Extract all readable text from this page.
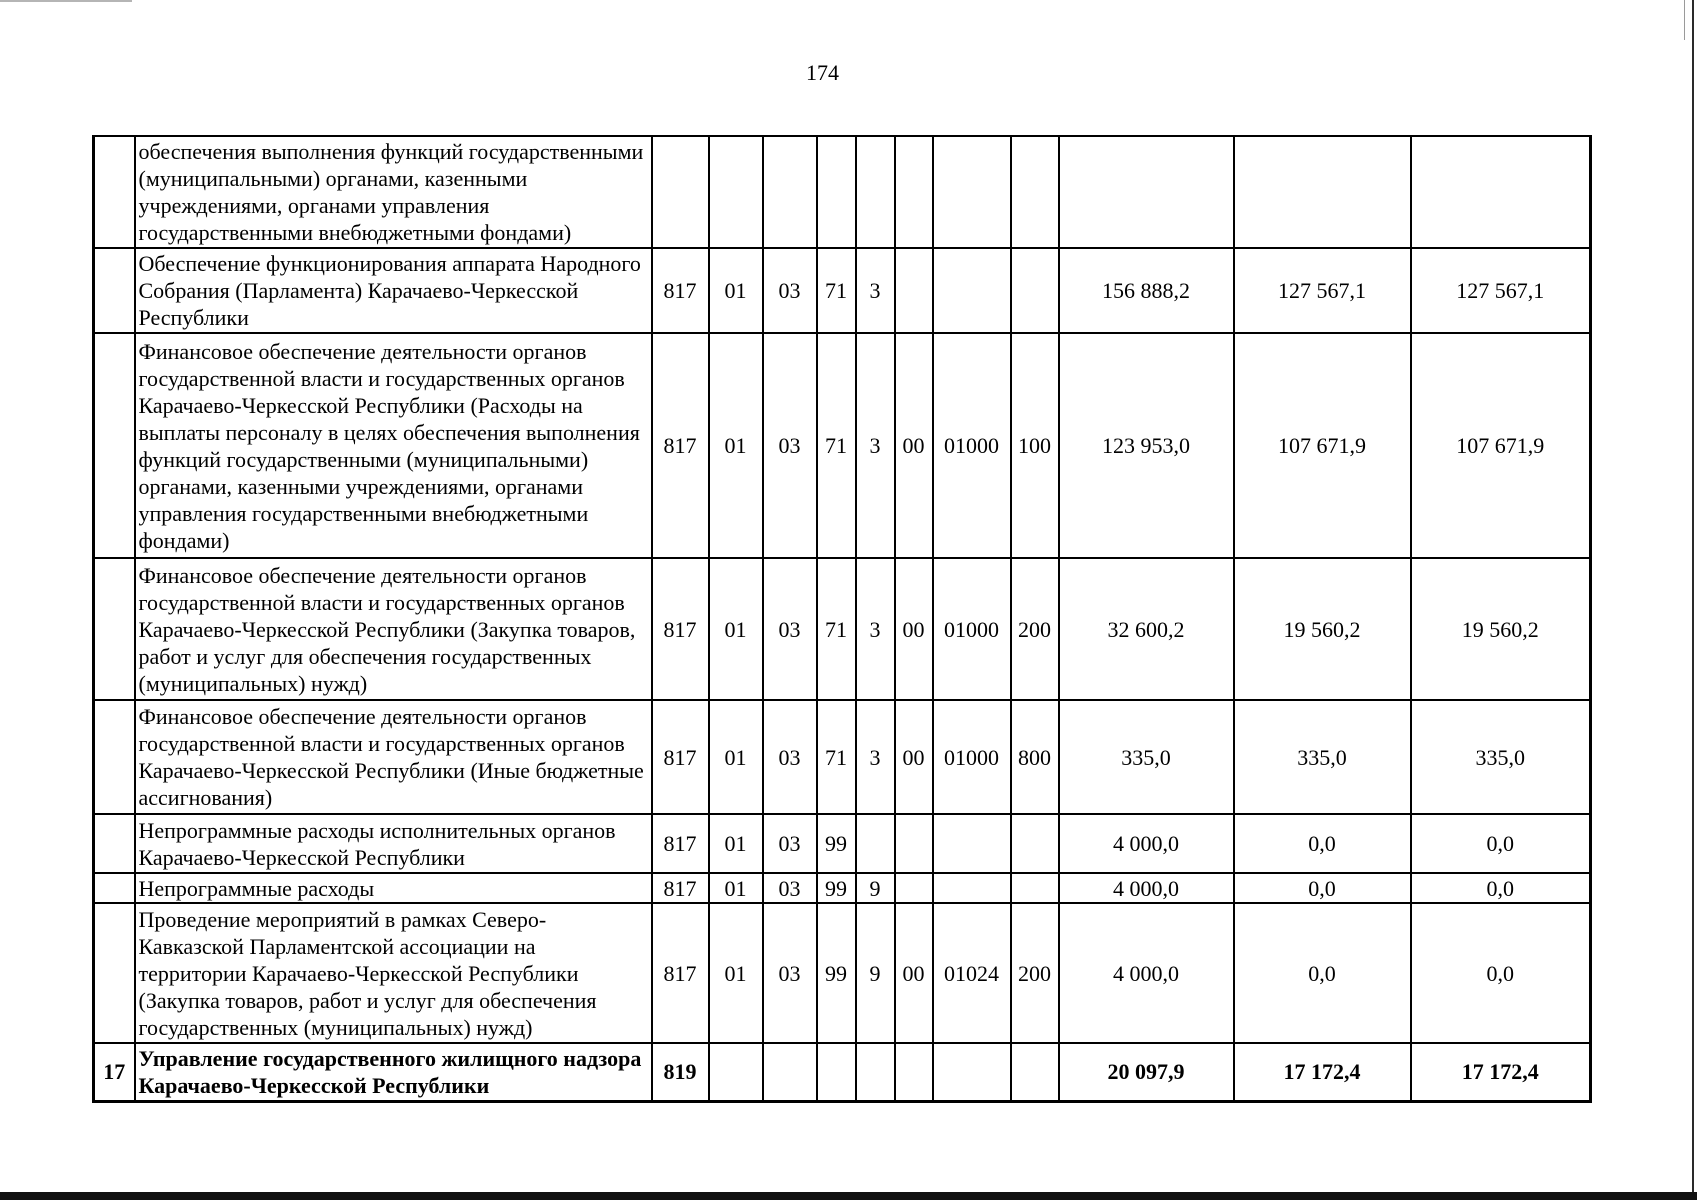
174
	обеспечения выполнения функций государственными (муниципальными) органами, казенными учреждениями, органами управления государственными внебюджетными фондами)											
	Обеспечение функционирования аппарата Народного Собрания (Парламента) Карачаево-Черкесской Республики	817	01	03	71	3				156 888,2	127 567,1	127 567,1
	Финансовое обеспечение деятельности органов государственной власти и государственных органов Карачаево-Черкесской Республики (Расходы на выплаты персоналу в целях обеспечения выполнения функций государственными (муниципальными) органами, казенными учреждениями, органами управления государственными внебюджетными фондами)	817	01	03	71	3	00	01000	100	123 953,0	107 671,9	107 671,9
	Финансовое обеспечение деятельности органов государственной власти и государственных органов Карачаево-Черкесской Республики (Закупка товаров, работ и услуг для обеспечения государственных (муниципальных) нужд)	817	01	03	71	3	00	01000	200	32 600,2	19 560,2	19 560,2
	Финансовое обеспечение деятельности органов государственной власти и государственных органов Карачаево-Черкесской Республики (Иные бюджетные ассигнования)	817	01	03	71	3	00	01000	800	335,0	335,0	335,0
	Непрограммные расходы исполнительных органов Карачаево-Черкесской Республики	817	01	03	99					4 000,0	0,0	0,0
	Непрограммные расходы	817	01	03	99	9				4 000,0	0,0	0,0
	Проведение мероприятий в рамках Северо-Кавказской Парламентской ассоциации на территории Карачаево-Черкесской Республики (Закупка товаров, работ и услуг для обеспечения государственных (муниципальных) нужд)	817	01	03	99	9	00	01024	200	4 000,0	0,0	0,0
17	Управление государственного жилищного надзора Карачаево-Черкесской Республики	819								20 097,9	17 172,4	17 172,4
